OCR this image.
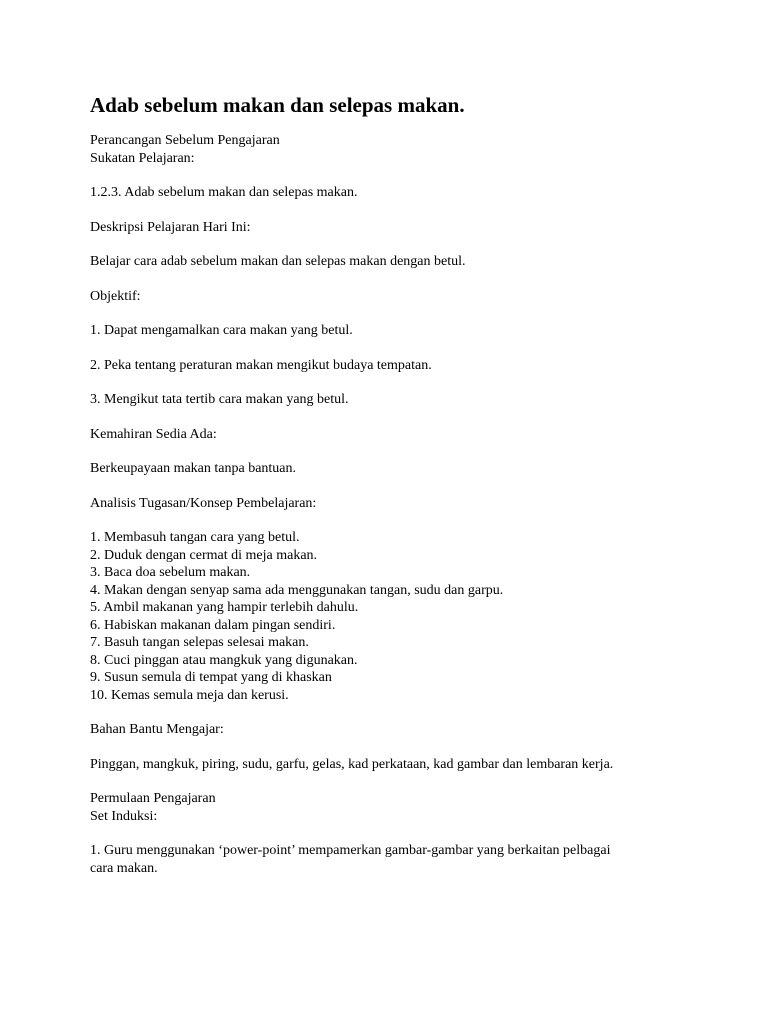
Adab sebelum makan dan selepas makan.

Perancangan Sebelum Pengajaran
Sukatan Pelajaran:

1.2.3. Adab sebelum makan dan selepas makan.

Deskripsi Pelajaran Hari Ini:

Belajar cara adab sebelum makan dan selepas makan dengan betul.

Objektif:

1. Dapat mengamalkan cara makan yang betul.

2. Peka tentang peraturan makan mengikut budaya tempatan.

3. Mengikut tata tertib cara makan yang betul.

Kemahiran Sedia Ada:

Berkeupayaan makan tanpa bantuan.

Analisis Tugasan/Konsep Pembelajaran:

1. Membasuh tangan cara yang betul.
2. Duduk dengan cermat di meja makan.
3. Baca doa sebelum makan.
4. Makan dengan senyap sama ada menggunakan tangan, sudu dan garpu.
5. Ambil makanan yang hampir terlebih dahulu.
6. Habiskan makanan dalam pingan sendiri.
7. Basuh tangan selepas selesai makan.
8. Cuci pinggan atau mangkuk yang digunakan.
9. Susun semula di tempat yang di khaskan
10. Kemas semula meja dan kerusi.

Bahan Bantu Mengajar:

Pinggan, mangkuk, piring, sudu, garfu, gelas, kad perkataan, kad gambar dan lembaran kerja.

Permulaan Pengajaran
Set Induksi:

1. Guru menggunakan ‘power-point’ mempamerkan gambar-gambar yang berkaitan pelbagai
cara makan.
